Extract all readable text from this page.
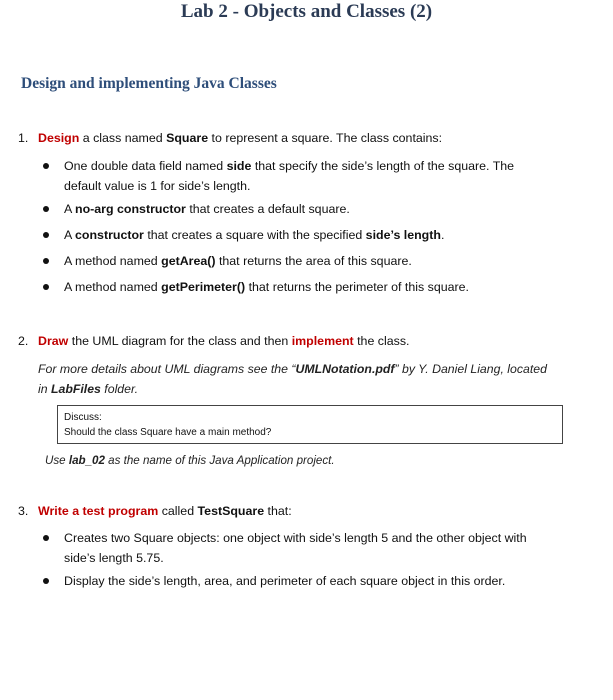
Lab 2 - Objects and Classes (2)
Design and implementing Java Classes
1. Design a class named Square to represent a square. The class contains:
One double data field named side that specify the side’s length of the square. The
default value is 1 for side’s length.
A no-arg constructor that creates a default square.
A constructor that creates a square with the specified side’s length.
A method named getArea() that returns the area of this square.
A method named getPerimeter() that returns the perimeter of this square.
2. Draw the UML diagram for the class and then implement the class.
For more details about UML diagrams see the “UMLNotation.pdf” by Y. Daniel Liang, located
in LabFiles folder.
Discuss:
Should the class Square have a main method?
Use lab_02 as the name of this Java Application project.
3. Write a test program called TestSquare that:
Creates two Square objects: one object with side’s length 5 and the other object with
side’s length 5.75.
Display the side’s length, area, and perimeter of each square object in this order.
